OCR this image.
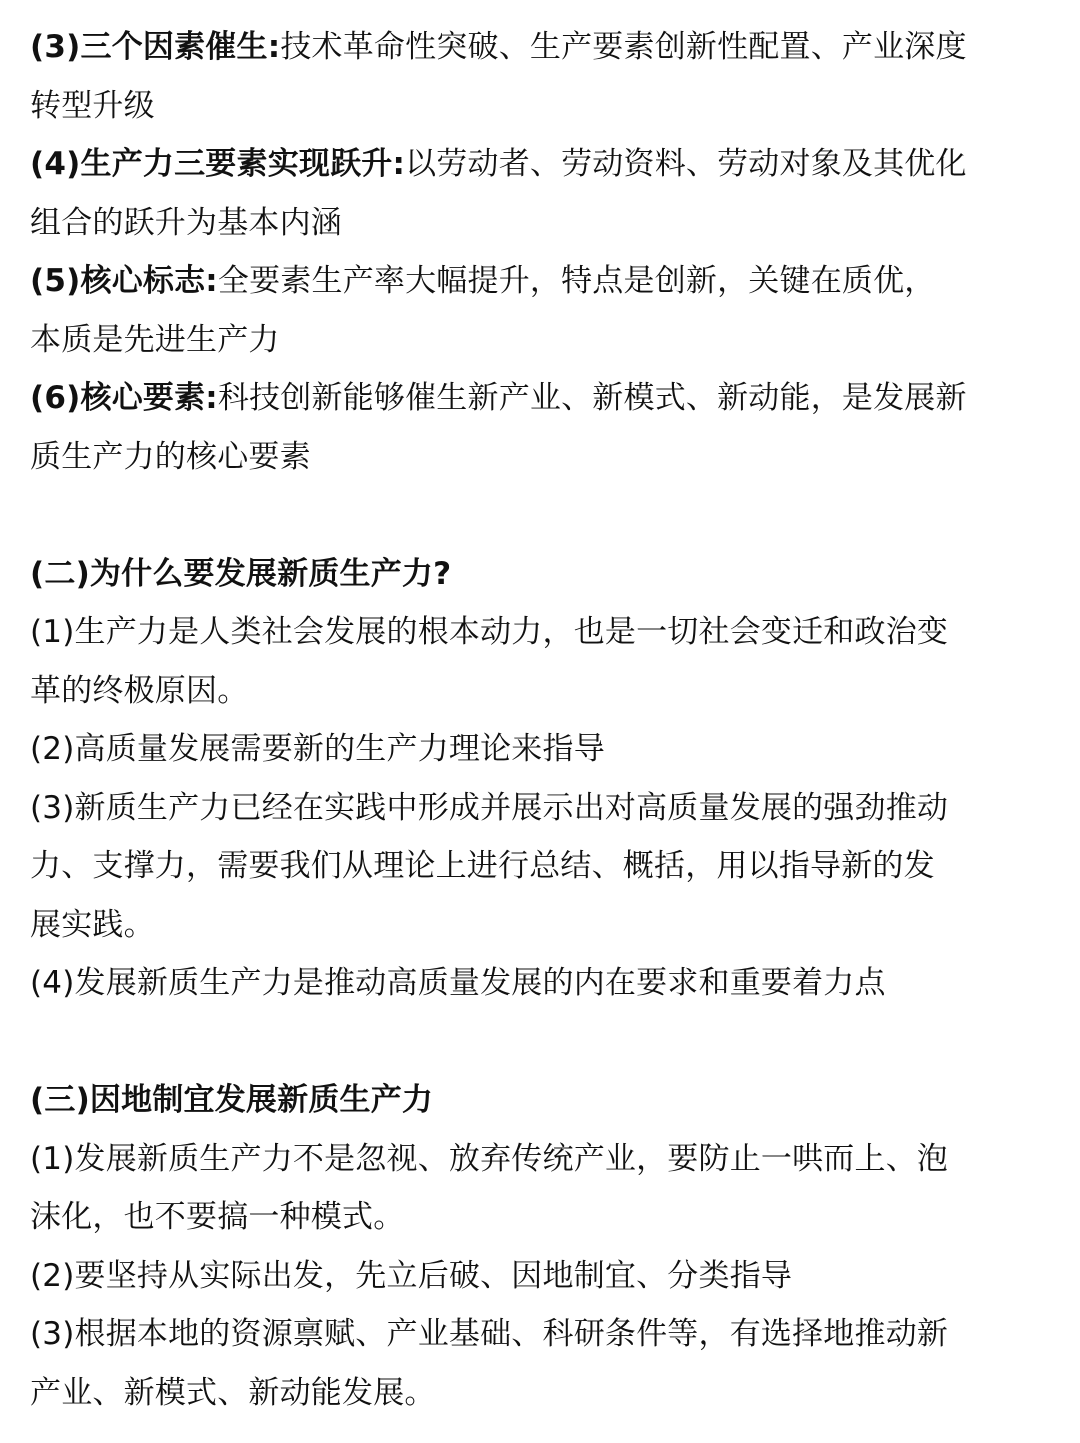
(3)三个因素催生:技术革命性突破、生产要素创新性配置、产业深度
转型升级
(4)生产力三要素实现跃升:以劳动者、劳动资料、劳动对象及其优化
组合的跃升为基本内涵
(5)核心标志:全要素生产率大幅提升，特点是创新，关键在质优，
本质是先进生产力
(6)核心要素:科技创新能够催生新产业、新模式、新动能，是发展新
质生产力的核心要素
(二)为什么要发展新质生产力?
(1)生产力是人类社会发展的根本动力，也是一切社会变迁和政治变
革的终极原因。
(2)高质量发展需要新的生产力理论来指导
(3)新质生产力已经在实践中形成并展示出对高质量发展的强劲推动
力、支撑力，需要我们从理论上进行总结、概括，用以指导新的发
展实践。
(4)发展新质生产力是推动高质量发展的内在要求和重要着力点
(三)因地制宜发展新质生产力
(1)发展新质生产力不是忽视、放弃传统产业，要防止一哄而上、泡
沫化，也不要搞一种模式。
(2)要坚持从实际出发，先立后破、因地制宜、分类指导
(3)根据本地的资源禀赋、产业基础、科研条件等，有选择地推动新
产业、新模式、新动能发展。
